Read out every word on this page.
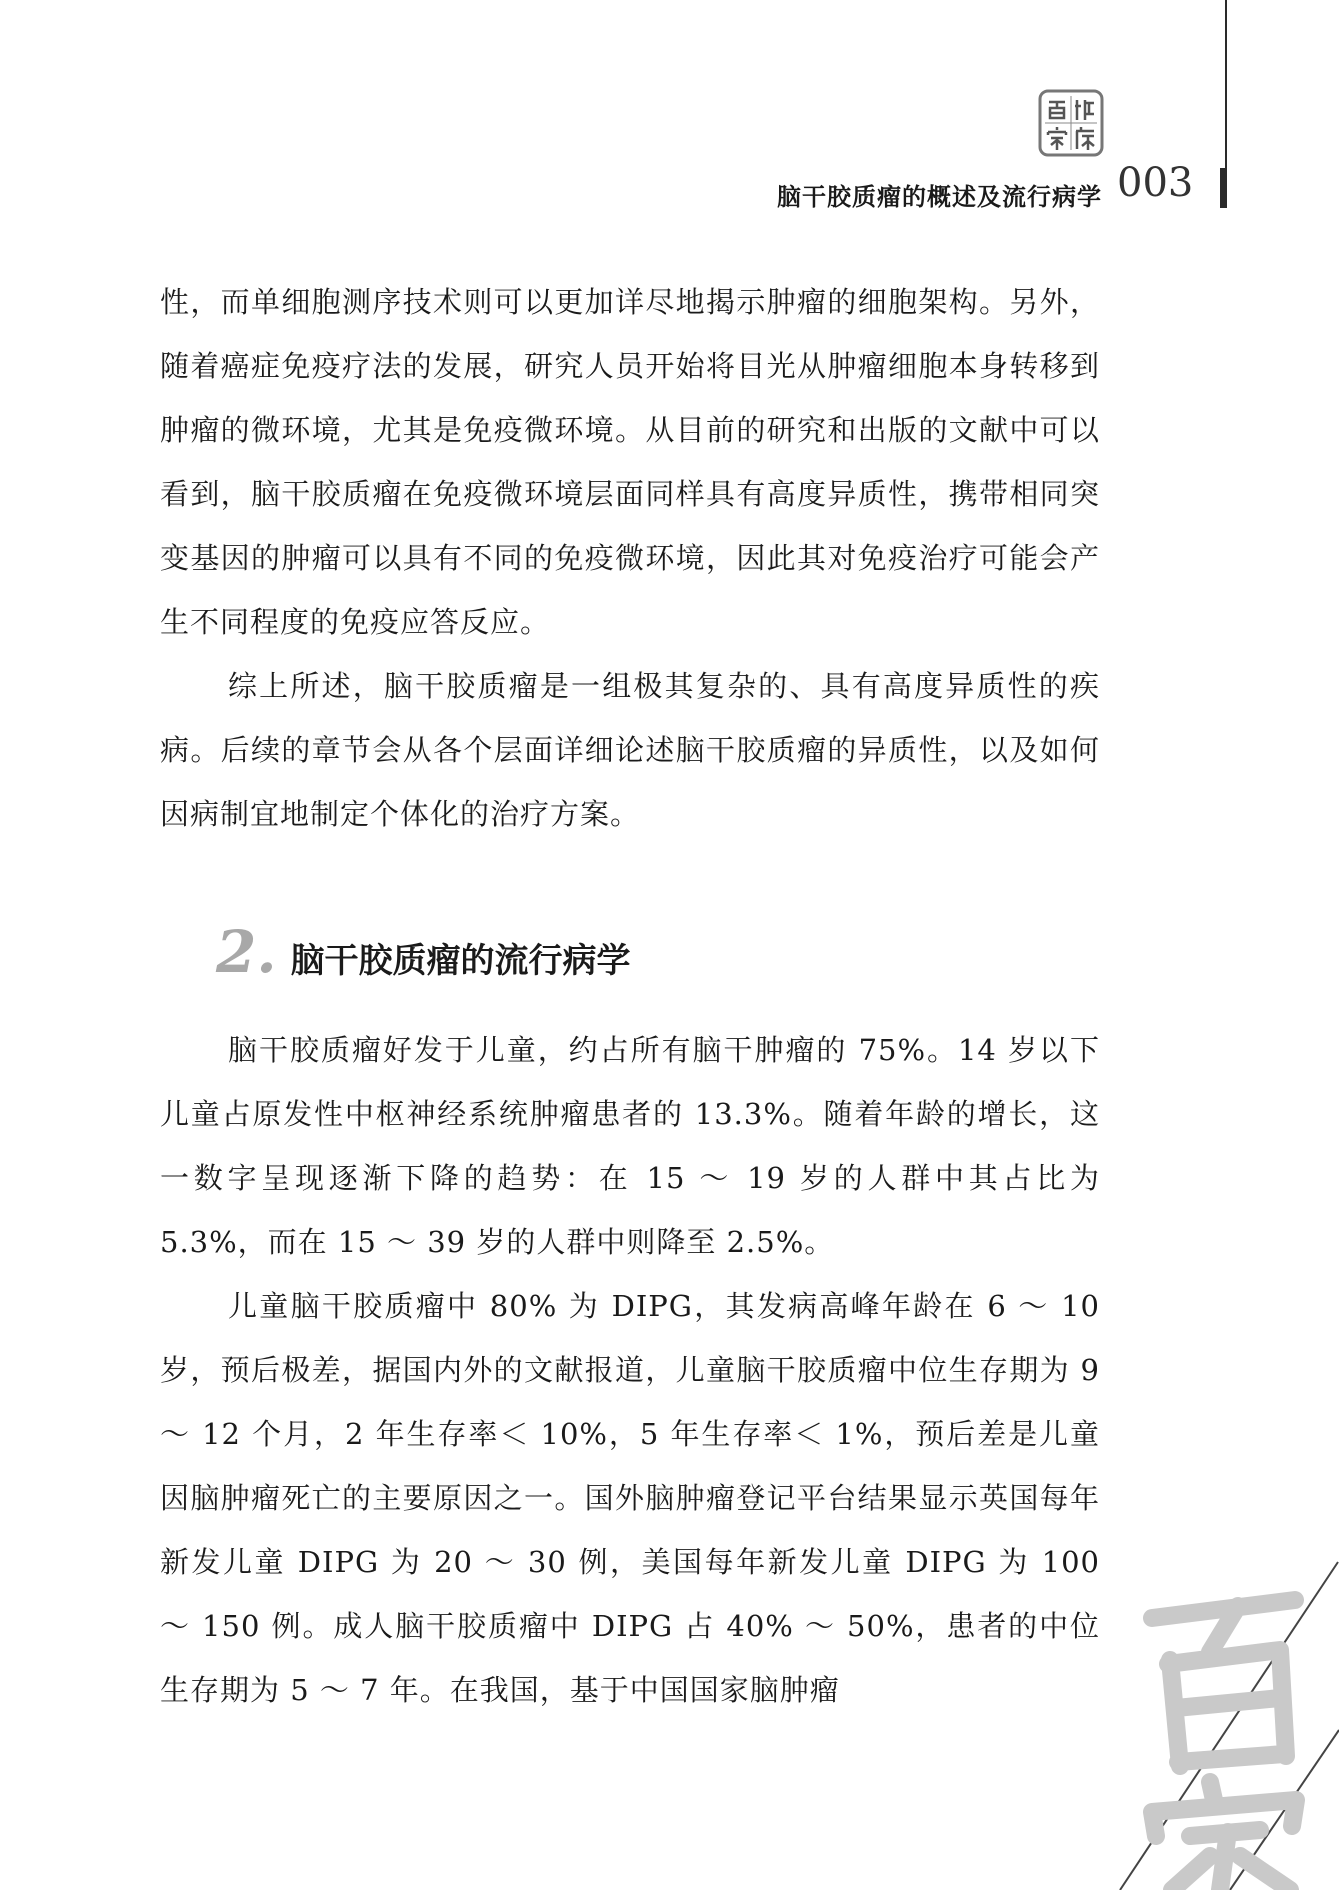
脑干胶质瘤的概述及流行病学 003

性，而单细胞测序技术则可以更加详尽地揭示肿瘤的细胞架构。另外，随着癌症免疫疗法的发展，研究人员开始将目光从肿瘤细胞本身转移到肿瘤的微环境，尤其是免疫微环境。从目前的研究和出版的文献中可以看到，脑干胶质瘤在免疫微环境层面同样具有高度异质性，携带相同突变基因的肿瘤可以具有不同的免疫微环境，因此其对免疫治疗可能会产生不同程度的免疫应答反应。

综上所述，脑干胶质瘤是一组极其复杂的、具有高度异质性的疾病。后续的章节会从各个层面详细论述脑干胶质瘤的异质性，以及如何因病制宜地制定个体化的治疗方案。

2. 脑干胶质瘤的流行病学

脑干胶质瘤好发于儿童，约占所有脑干肿瘤的 75%。14 岁以下儿童占原发性中枢神经系统肿瘤患者的 13.3%。随着年龄的增长，这一数字呈现逐渐下降的趋势：在 15 ～ 19 岁的人群中其占比为 5.3%，而在 15 ～ 39 岁的人群中则降至 2.5%。

儿童脑干胶质瘤中 80% 为 DIPG，其发病高峰年龄在 6 ～ 10 岁，预后极差，据国内外的文献报道，儿童脑干胶质瘤中位生存期为 9 ～ 12 个月，2 年生存率＜ 10%，5 年生存率＜ 1%，预后差是儿童因脑肿瘤死亡的主要原因之一。国外脑肿瘤登记平台结果显示英国每年新发儿童 DIPG 为 20 ～ 30 例，美国每年新发儿童 DIPG 为 100 ～ 150 例。成人脑干胶质瘤中 DIPG 占 40% ～ 50%，患者的中位生存期为 5 ～ 7 年。在我国，基于中国国家脑肿瘤
